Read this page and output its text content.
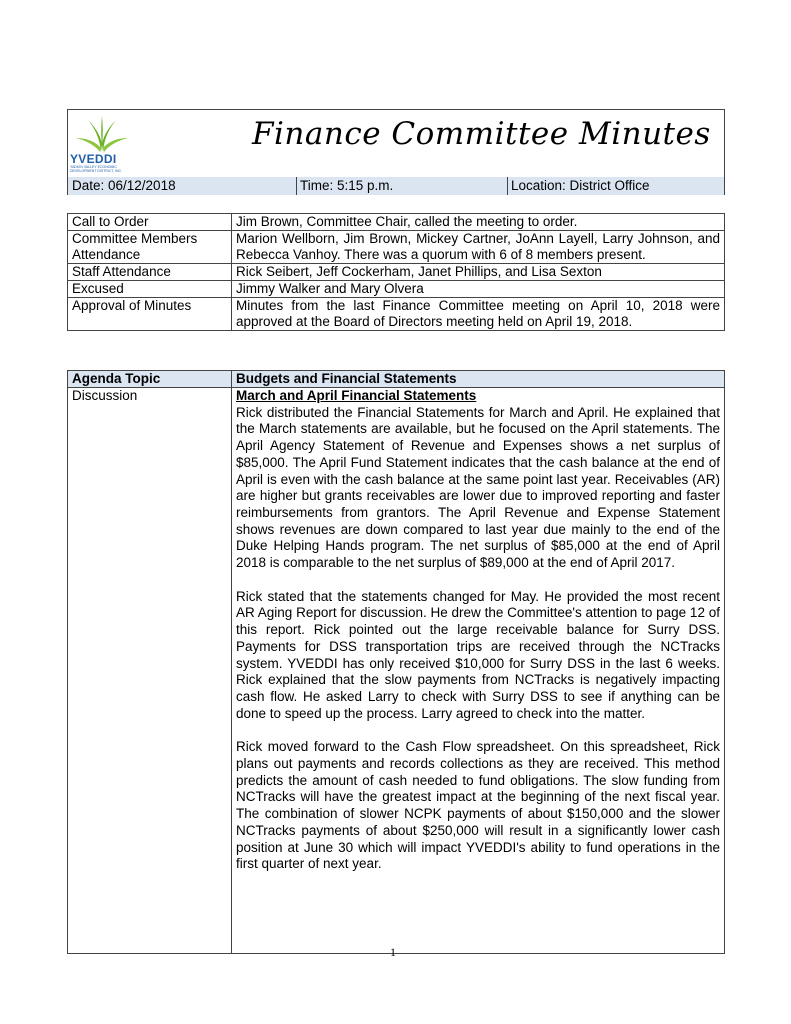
YVEDDI
YADKIN VALLEY ECONOMIC DEVELOPMENT DISTRICT, INC.
Finance Committee Minutes
Date: 06/12/2018	Time: 5:15 p.m.	Location: District Office
Call to Order	Jim Brown, Committee Chair, called the meeting to order.
Committee Members Attendance	Marion Wellborn, Jim Brown, Mickey Cartner, JoAnn Layell, Larry Johnson, and Rebecca Vanhoy. There was a quorum with 6 of 8 members present.
Staff Attendance	Rick Seibert, Jeff Cockerham, Janet Phillips, and Lisa Sexton
Excused	Jimmy Walker and Mary Olvera
Approval of Minutes	Minutes from the last Finance Committee meeting on April 10, 2018 were approved at the Board of Directors meeting held on April 19, 2018.
Agenda Topic	Budgets and Financial Statements
Discussion	March and April Financial Statements

Rick distributed the Financial Statements for March and April. He explained that the March statements are available, but he focused on the April statements. The April Agency Statement of Revenue and Expenses shows a net surplus of $85,000. The April Fund Statement indicates that the cash balance at the end of April is even with the cash balance at the same point last year. Receivables (AR) are higher but grants receivables are lower due to improved reporting and faster reimbursements from grantors. The April Revenue and Expense Statement shows revenues are down compared to last year due mainly to the end of the Duke Helping Hands program. The net surplus of $85,000 at the end of April 2018 is comparable to the net surplus of $89,000 at the end of April 2017.

Rick stated that the statements changed for May. He provided the most recent AR Aging Report for discussion. He drew the Committee's attention to page 12 of this report. Rick pointed out the large receivable balance for Surry DSS. Payments for DSS transportation trips are received through the NCTracks system. YVEDDI has only received $10,000 for Surry DSS in the last 6 weeks. Rick explained that the slow payments from NCTracks is negatively impacting cash flow. He asked Larry to check with Surry DSS to see if anything can be done to speed up the process. Larry agreed to check into the matter.

Rick moved forward to the Cash Flow spreadsheet. On this spreadsheet, Rick plans out payments and records collections as they are received. This method predicts the amount of cash needed to fund obligations. The slow funding from NCTracks will have the greatest impact at the beginning of the next fiscal year. The combination of slower NCPK payments of about $150,000 and the slower NCTracks payments of about $250,000 will result in a significantly lower cash position at June 30 which will impact YVEDDI's ability to fund operations in the first quarter of next year.

1
